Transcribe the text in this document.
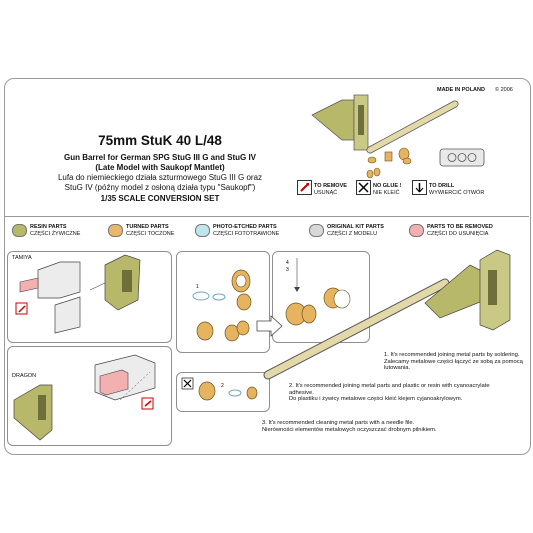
MADE IN POLAND © 2006
75mm StuK 40 L/48
Gun Barrel for German SPG StuG III G and StuG IV
(Late Model with Saukopf Mantlet)
Lufa do niemieckiego działa szturmowego StuG III G oraz
StuG IV (późny model z osłoną działa typu "Saukopf")
1/35 SCALE CONVERSION SET
TO REMOVE
USUNĄĆ
NO GLUE !
NIE KLEIĆ
TO DRILL
WYWIERCIĆ OTWÓR
RESIN PARTS
CZĘŚCI ŻYWICZNE
TURNED PARTS
CZĘŚCI TOCZONE
PHOTO-ETCHED PARTS
CZĘŚCI FOTOTRAWIONE
ORIGINAL KIT PARTS
CZĘŚCI Z MODELU
PARTS TO BE REMOVED
CZĘŚCI DO USUNIĘCIA
TAMIYA
DRAGON
1
3
4
2
1. It's recommended joining metal parts by soldering.
Zalecamy metalowe części łączyć ze sobą za pomocą lutowania.
2. It's recommended joining metal parts and plastic or resin with cyanoacrylate adhesive.
Do plastiku i żywicy metalowe części kleić klejem cyjanoakrylowym.
3. It's recommended cleaning metal parts with a needle file.
Nierówności elementów metalowych oczyszczać drobnym pilnikiem.
